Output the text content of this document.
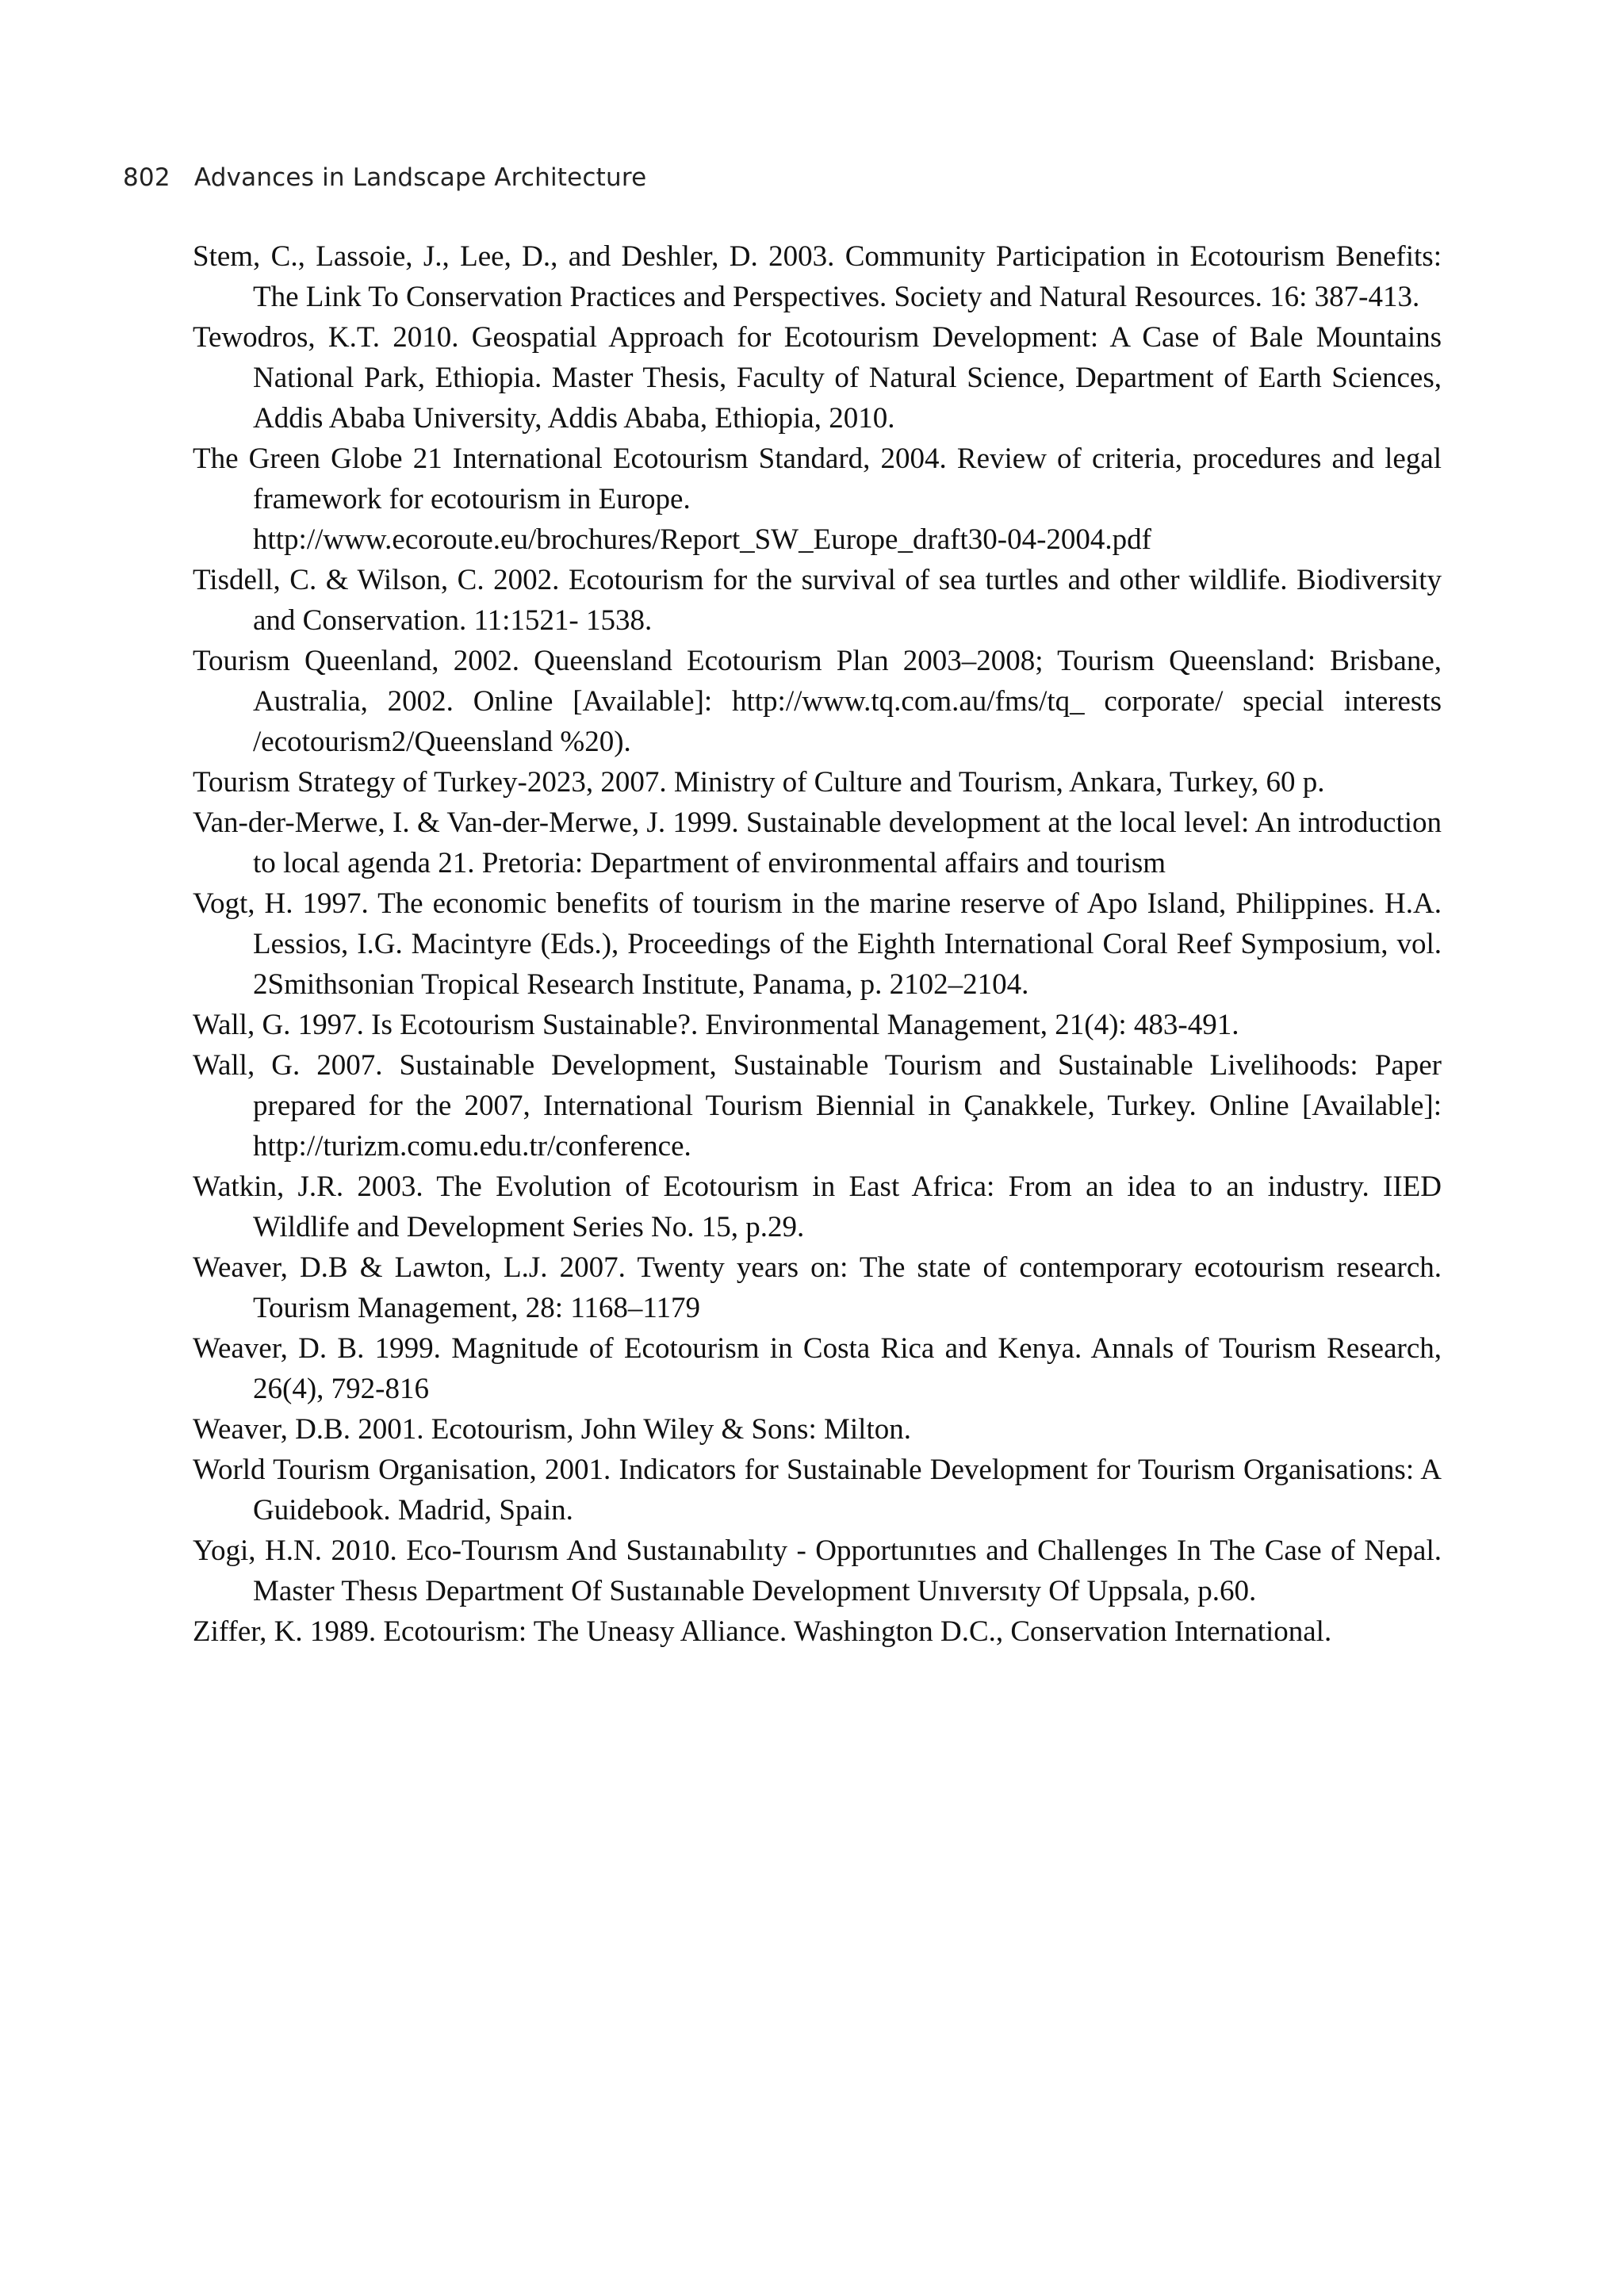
802 Advances in Landscape Architecture

Stem, C., Lassoie, J., Lee, D., and Deshler, D. 2003. Community Participation in Ecotourism Benefits: The Link To Conservation Practices and Perspectives. Society and Natural Resources. 16: 387-413.

Tewodros, K.T. 2010. Geospatial Approach for Ecotourism Development: A Case of Bale Mountains National Park, Ethiopia. Master Thesis, Faculty of Natural Science, Department of Earth Sciences, Addis Ababa University, Addis Ababa, Ethiopia, 2010.

The Green Globe 21 International Ecotourism Standard, 2004. Review of criteria, procedures and legal framework for ecotourism in Europe.
http://www.ecoroute.eu/brochures/Report_SW_Europe_draft30-04-2004.pdf

Tisdell, C. & Wilson, C. 2002. Ecotourism for the survival of sea turtles and other wildlife. Biodiversity and Conservation. 11:1521- 1538.

Tourism Queenland, 2002. Queensland Ecotourism Plan 2003–2008; Tourism Queensland: Brisbane, Australia, 2002. Online [Available]: http://www.tq.com.au/fms/tq_ corporate/ special interests /ecotourism2/Queensland %20).

Tourism Strategy of Turkey-2023, 2007. Ministry of Culture and Tourism, Ankara, Turkey, 60 p.

Van-der-Merwe, I. & Van-der-Merwe, J. 1999. Sustainable development at the local level: An introduction to local agenda 21. Pretoria: Department of environmental affairs and tourism

Vogt, H. 1997. The economic benefits of tourism in the marine reserve of Apo Island, Philippines. H.A. Lessios, I.G. Macintyre (Eds.), Proceedings of the Eighth International Coral Reef Symposium, vol. 2Smithsonian Tropical Research Institute, Panama, p. 2102–2104.

Wall, G. 1997. Is Ecotourism Sustainable?. Environmental Management, 21(4): 483-491.

Wall, G. 2007. Sustainable Development, Sustainable Tourism and Sustainable Livelihoods: Paper prepared for the 2007, International Tourism Biennial in Çanakkele, Turkey. Online [Available]: http://turizm.comu.edu.tr/conference.

Watkin, J.R. 2003. The Evolution of Ecotourism in East Africa: From an idea to an industry. IIED Wildlife and Development Series No. 15, p.29.

Weaver, D.B & Lawton, L.J. 2007. Twenty years on: The state of contemporary ecotourism research. Tourism Management, 28: 1168–1179

Weaver, D. B. 1999. Magnitude of Ecotourism in Costa Rica and Kenya. Annals of Tourism Research, 26(4), 792-816

Weaver, D.B. 2001. Ecotourism, John Wiley & Sons: Milton.

World Tourism Organisation, 2001. Indicators for Sustainable Development for Tourism Organisations: A Guidebook. Madrid, Spain.

Yogi, H.N. 2010. Eco-Tourısm And Sustaınabılıty - Opportunıtıes and Challenges In The Case of Nepal. Master Thesıs Department Of Sustaınable Development Unıversıty Of Uppsala, p.60.

Ziffer, K. 1989. Ecotourism: The Uneasy Alliance. Washington D.C., Conservation International.
